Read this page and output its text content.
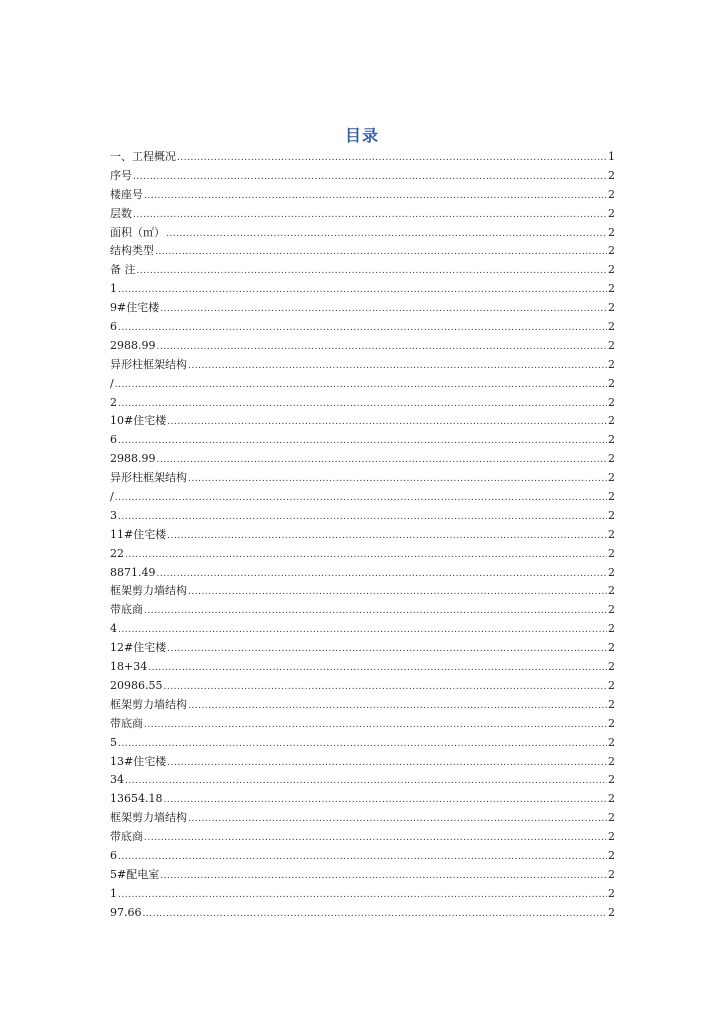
目录
一、工程概况 .....	1
序号 .....	2
楼座号 .....	2
层数 .....	2
面积（㎡） .....	2
结构类型 .....	2
备 注 .....	2
1 .....	2
9#住宅楼 .....	2
6 .....	2
2988.99 .....	2
异形柱框架结构 .....	2
/ .....	2
2 .....	2
10#住宅楼 .....	2
6 .....	2
2988.99 .....	2
异形柱框架结构 .....	2
/ .....	2
3 .....	2
11#住宅楼 .....	2
22 .....	2
8871.49 .....	2
框架剪力墙结构 .....	2
带底商 .....	2
4 .....	2
12#住宅楼 .....	2
18+34 .....	2
20986.55 .....	2
框架剪力墙结构 .....	2
带底商 .....	2
5 .....	2
13#住宅楼 .....	2
34 .....	2
13654.18 .....	2
框架剪力墙结构 .....	2
带底商 .....	2
6 .....	2
5#配电室 .....	2
1 .....	2
97.66 .....	2
